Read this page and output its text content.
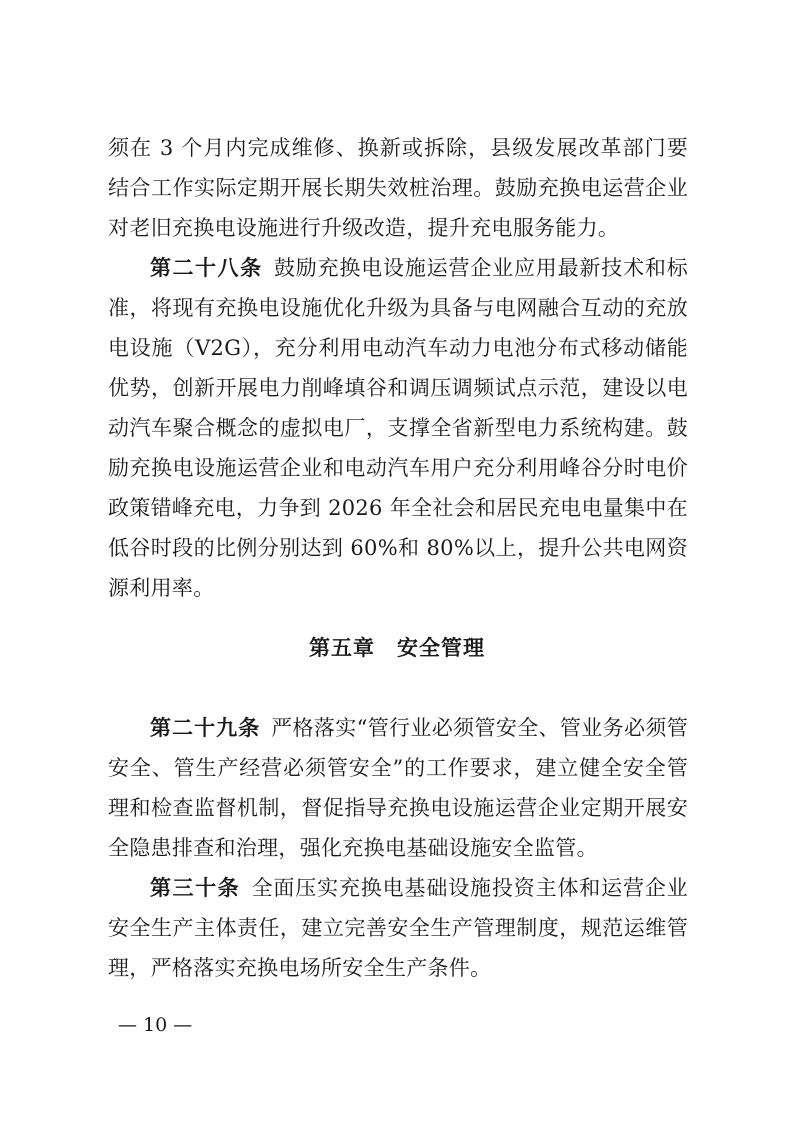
须在 3 个月内完成维修、换新或拆除，县级发展改革部门要结合工作实际定期开展长期失效桩治理。鼓励充换电运营企业对老旧充换电设施进行升级改造，提升充电服务能力。

第二十八条  鼓励充换电设施运营企业应用最新技术和标准，将现有充换电设施优化升级为具备与电网融合互动的充放电设施（V2G），充分利用电动汽车动力电池分布式移动储能优势，创新开展电力削峰填谷和调压调频试点示范，建设以电动汽车聚合概念的虚拟电厂，支撑全省新型电力系统构建。鼓励充换电设施运营企业和电动汽车用户充分利用峰谷分时电价政策错峰充电，力争到 2026 年全社会和居民充电电量集中在低谷时段的比例分别达到 60%和 80%以上，提升公共电网资源利用率。

第五章　安全管理

第二十九条  严格落实“管行业必须管安全、管业务必须管安全、管生产经营必须管安全”的工作要求，建立健全安全管理和检查监督机制，督促指导充换电设施运营企业定期开展安全隐患排查和治理，强化充换电基础设施安全监管。

第三十条  全面压实充换电基础设施投资主体和运营企业安全生产主体责任，建立完善安全生产管理制度，规范运维管理，严格落实充换电场所安全生产条件。

— 10 —
